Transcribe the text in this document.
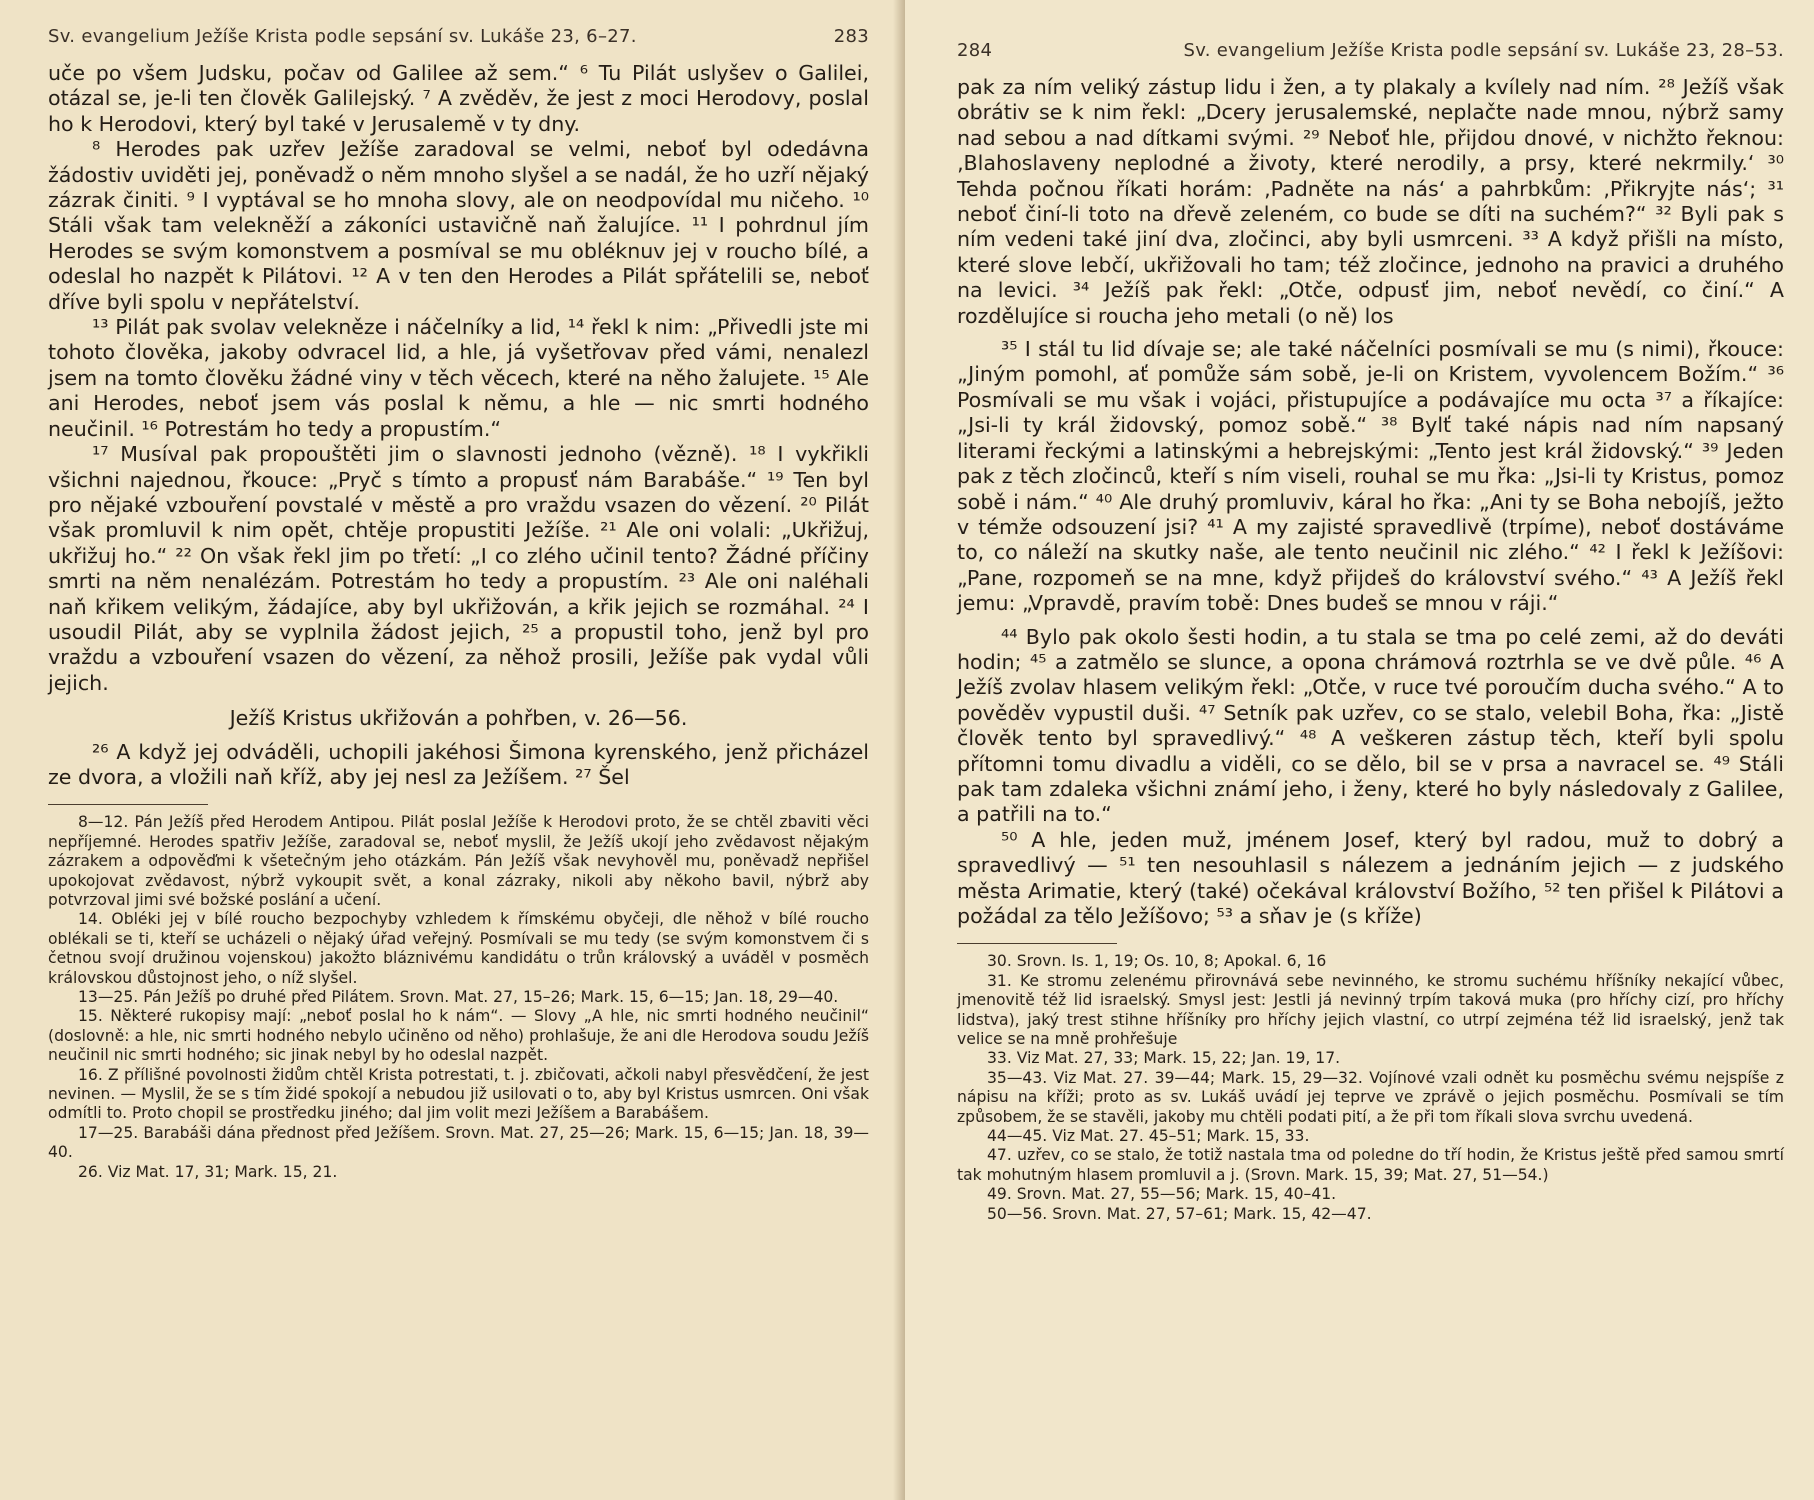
Sv. evangelium Ježíše Krista podle sepsání sv. Lukáše 23, 6–27.	283

uče po všem Judsku, počav od Galilee až sem.“ ⁶ Tu Pilát uslyšev o Galilei, otázal se, je-li ten člověk Galilejský. ⁷ A zvěděv, že jest z moci Herodovy, poslal ho k Herodovi, který byl také v Jerusalemě v ty dny.

⁸ Herodes pak uzřev Ježíše zaradoval se velmi, neboť byl odedávna žádostiv uviděti jej, poněvadž o něm mnoho slyšel a se nadál, že ho uzří nějaký zázrak činiti. ⁹ I vyptával se ho mnoha slovy, ale on neodpovídal mu ničeho. ¹⁰ Stáli však tam velekněží a zákoníci ustavičně naň žalujíce. ¹¹ I pohrdnul jím Herodes se svým komonstvem a posmíval se mu obléknuv jej v roucho bílé, a odeslal ho nazpět k Pilátovi. ¹² A v ten den Herodes a Pilát spřátelili se, neboť dříve byli spolu v nepřátelství.

¹³ Pilát pak svolav velekněze i náčelníky a lid, ¹⁴ řekl k nim: „Přivedli jste mi tohoto člověka, jakoby odvracel lid, a hle, já vyšetřovav před vámi, nenalezl jsem na tomto člověku žádné viny v těch věcech, které na něho žalujete. ¹⁵ Ale ani Herodes, neboť jsem vás poslal k němu, a hle — nic smrti hodného neučinil. ¹⁶ Potrestám ho tedy a propustím.“

¹⁷ Musíval pak propouštěti jim o slavnosti jednoho (vězně). ¹⁸ I vykřikli všichni najednou, řkouce: „Pryč s tímto a propusť nám Barabáše.“ ¹⁹ Ten byl pro nějaké vzbouření povstalé v městě a pro vraždu vsazen do vězení. ²⁰ Pilát však promluvil k nim opět, chtěje propustiti Ježíše. ²¹ Ale oni volali: „Ukřižuj, ukřižuj ho.“ ²² On však řekl jim po třetí: „I co zlého učinil tento? Žádné příčiny smrti na něm nenalézám. Potrestám ho tedy a propustím. ²³ Ale oni naléhali naň křikem velikým, žádajíce, aby byl ukřižován, a křik jejich se rozmáhal. ²⁴ I usoudil Pilát, aby se vyplnila žádost jejich, ²⁵ a propustil toho, jenž byl pro vraždu a vzbouření vsazen do vězení, za něhož prosili, Ježíše pak vydal vůli jejich.

Ježíš Kristus ukřižován a pohřben, v. 26—56.

²⁶ A když jej odváděli, uchopili jakéhosi Šimona kyrenského, jenž přicházel ze dvora, a vložili naň kříž, aby jej nesl za Ježíšem. ²⁷ Šel

8—12. Pán Ježíš před Herodem Antipou. Pilát poslal Ježíše k Herodovi proto, že se chtěl zbaviti věci nepříjemné. Herodes spatřiv Ježíše, zaradoval se, neboť myslil, že Ježíš ukojí jeho zvědavost nějakým zázrakem a odpověďmi k všetečným jeho otázkám. Pán Ježíš však nevyhověl mu, poněvadž nepřišel upokojovat zvědavost, nýbrž vykoupit svět, a konal zázraky, nikoli aby někoho bavil, nýbrž aby potvrzoval jimi své božské poslání a učení.

14. Obléki jej v bílé roucho bezpochyby vzhledem k římskému obyčeji, dle něhož v bílé roucho oblékali se ti, kteří se ucházeli o nějaký úřad veřejný. Posmívali se mu tedy (se svým komonstvem či s četnou svojí družinou vojenskou) jakožto bláznivému kandidátu o trůn královský a uváděl v posměch královskou důstojnost jeho, o níž slyšel.

13—25. Pán Ježíš po druhé před Pilátem. Srovn. Mat. 27, 15–26; Mark. 15, 6—15; Jan. 18, 29—40.

15. Některé rukopisy mají: „neboť poslal ho k nám“. — Slovy „A hle, nic smrti hodného neučinil“ (doslovně: a hle, nic smrti hodného nebylo učiněno od něho) prohlašuje, že ani dle Herodova soudu Ježíš neučinil nic smrti hodného; sic jinak nebyl by ho odeslal nazpět.

16. Z přílišné povolnosti židům chtěl Krista potrestati, t. j. zbičovati, ačkoli nabyl přesvědčení, že jest nevinen. — Myslil, že se s tím židé spokojí a nebudou již usilovati o to, aby byl Kristus usmrcen. Oni však odmítli to. Proto chopil se prostředku jiného; dal jim volit mezi Ježíšem a Barabášem.

17—25. Barabáši dána přednost před Ježíšem. Srovn. Mat. 27, 25—26; Mark. 15, 6—15; Jan. 18, 39—40.

26. Viz Mat. 17, 31; Mark. 15, 21.

284	Sv. evangelium Ježíše Krista podle sepsání sv. Lukáše 23, 28–53.

pak za ním veliký zástup lidu i žen, a ty plakaly a kvílely nad ním. ²⁸ Ježíš však obrátiv se k nim řekl: „Dcery jerusalemské, neplačte nade mnou, nýbrž samy nad sebou a nad dítkami svými. ²⁹ Neboť hle, přijdou dnové, v nichžto řeknou: ‚Blahoslaveny neplodné a životy, které nerodily, a prsy, které nekrmily.‘ ³⁰ Tehda počnou říkati horám: ‚Padněte na nás‘ a pahrbkům: ‚Přikryjte nás‘; ³¹ neboť činí-li toto na dřevě zeleném, co bude se díti na suchém?“ ³² Byli pak s ním vedeni také jiní dva, zločinci, aby byli usmrceni. ³³ A když přišli na místo, které slove lebčí, ukřižovali ho tam; též zločince, jednoho na pravici a druhého na levici. ³⁴ Ježíš pak řekl: „Otče, odpusť jim, neboť nevědí, co činí.“ A rozdělujíce si roucha jeho metali (o ně) los

³⁵ I stál tu lid dívaje se; ale také náčelníci posmívali se mu (s nimi), řkouce: „Jiným pomohl, ať pomůže sám sobě, je-li on Kristem, vyvolencem Božím.“ ³⁶ Posmívali se mu však i vojáci, přistupujíce a podávajíce mu octa ³⁷ a říkajíce: „Jsi-li ty král židovský, pomoz sobě.“ ³⁸ Bylť také nápis nad ním napsaný literami řeckými a latinskými a hebrejskými: „Tento jest král židovský.“ ³⁹ Jeden pak z těch zločinců, kteří s ním viseli, rouhal se mu řka: „Jsi-li ty Kristus, pomoz sobě i nám.“ ⁴⁰ Ale druhý promluviv, káral ho řka: „Ani ty se Boha nebojíš, ježto v témže odsouzení jsi? ⁴¹ A my zajisté spravedlivě (trpíme), neboť dostáváme to, co náleží na skutky naše, ale tento neučinil nic zlého.“ ⁴² I řekl k Ježíšovi: „Pane, rozpomeň se na mne, když přijdeš do království svého.“ ⁴³ A Ježíš řekl jemu: „Vpravdě, pravím tobě: Dnes budeš se mnou v ráji.“

⁴⁴ Bylo pak okolo šesti hodin, a tu stala se tma po celé zemi, až do deváti hodin; ⁴⁵ a zatmělo se slunce, a opona chrámová roztrhla se ve dvě půle. ⁴⁶ A Ježíš zvolav hlasem velikým řekl: „Otče, v ruce tvé poroučím ducha svého.“ A to pověděv vypustil duši. ⁴⁷ Setník pak uzřev, co se stalo, velebil Boha, řka: „Jistě člověk tento byl spravedlivý.“ ⁴⁸ A veškeren zástup těch, kteří byli spolu přítomni tomu divadlu a viděli, co se dělo, bil se v prsa a navracel se. ⁴⁹ Stáli pak tam zdaleka všichni známí jeho, i ženy, které ho byly následovaly z Galilee, a patřili na to.“

⁵⁰ A hle, jeden muž, jménem Josef, který byl radou, muž to dobrý a spravedlivý — ⁵¹ ten nesouhlasil s nálezem a jednáním jejich — z judského města Arimatie, který (také) očekával království Božího, ⁵² ten přišel k Pilátovi a požádal za tělo Ježíšovo; ⁵³ a sňav je (s kříže)

30. Srovn. Is. 1, 19; Os. 10, 8; Apokal. 6, 16

31. Ke stromu zelenému přirovnává sebe nevinného, ke stromu suchému hříšníky nekající vůbec, jmenovitě též lid israelský. Smysl jest: Jestli já nevinný trpím taková muka (pro hříchy cizí, pro hříchy lidstva), jaký trest stihne hříšníky pro hříchy jejich vlastní, co utrpí zejména též lid israelský, jenž tak velice se na mně prohřešuje

33. Viz Mat. 27, 33; Mark. 15, 22; Jan. 19, 17.

35—43. Viz Mat. 27. 39—44; Mark. 15, 29—32. Vojínové vzali odnět ku posměchu svému nejspíše z nápisu na kříži; proto as sv. Lukáš uvádí jej teprve ve zprávě o jejich posměchu. Posmívali se tím způsobem, že se stavěli, jakoby mu chtěli podati pití, a že při tom říkali slova svrchu uvedená.

44—45. Viz Mat. 27. 45–51; Mark. 15, 33.

47. uzřev, co se stalo, že totiž nastala tma od poledne do tří hodin, že Kristus ještě před samou smrtí tak mohutným hlasem promluvil a j. (Srovn. Mark. 15, 39; Mat. 27, 51—54.)

49. Srovn. Mat. 27, 55—56; Mark. 15, 40–41.

50—56. Srovn. Mat. 27, 57–61; Mark. 15, 42—47.
